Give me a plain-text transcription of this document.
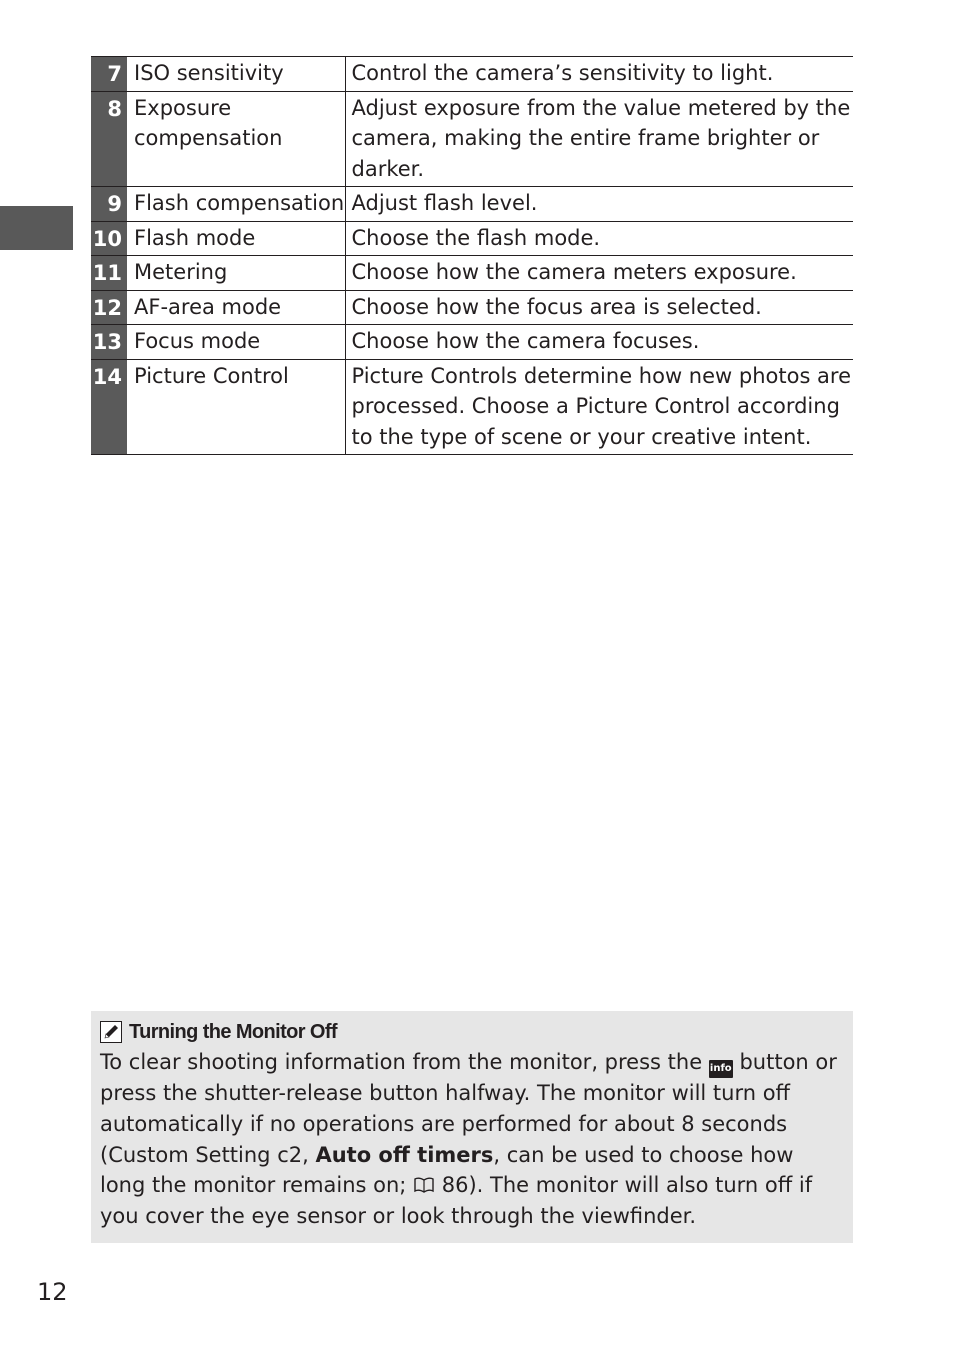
7	ISO sensitivity	Control the camera’s sensitivity to light.
8	Exposure compensation	Adjust exposure from the value metered by the camera, making the entire frame brighter or darker.
9	Flash compensation	Adjust flash level.
10	Flash mode	Choose the flash mode.
11	Metering	Choose how the camera meters exposure.
12	AF-area mode	Choose how the focus area is selected.
13	Focus mode	Choose how the camera focuses.
14	Picture Control	Picture Controls determine how new photos are processed. Choose a Picture Control according to the type of scene or your creative intent.
Turning the Monitor Off
To clear shooting information from the monitor, press the info button or press the shutter-release button halfway. The monitor will turn off automatically if no operations are performed for about 8 seconds (Custom Setting c2, Auto off timers, can be used to choose how long the monitor remains on;  86). The monitor will also turn off if you cover the eye sensor or look through the viewfinder.
12
